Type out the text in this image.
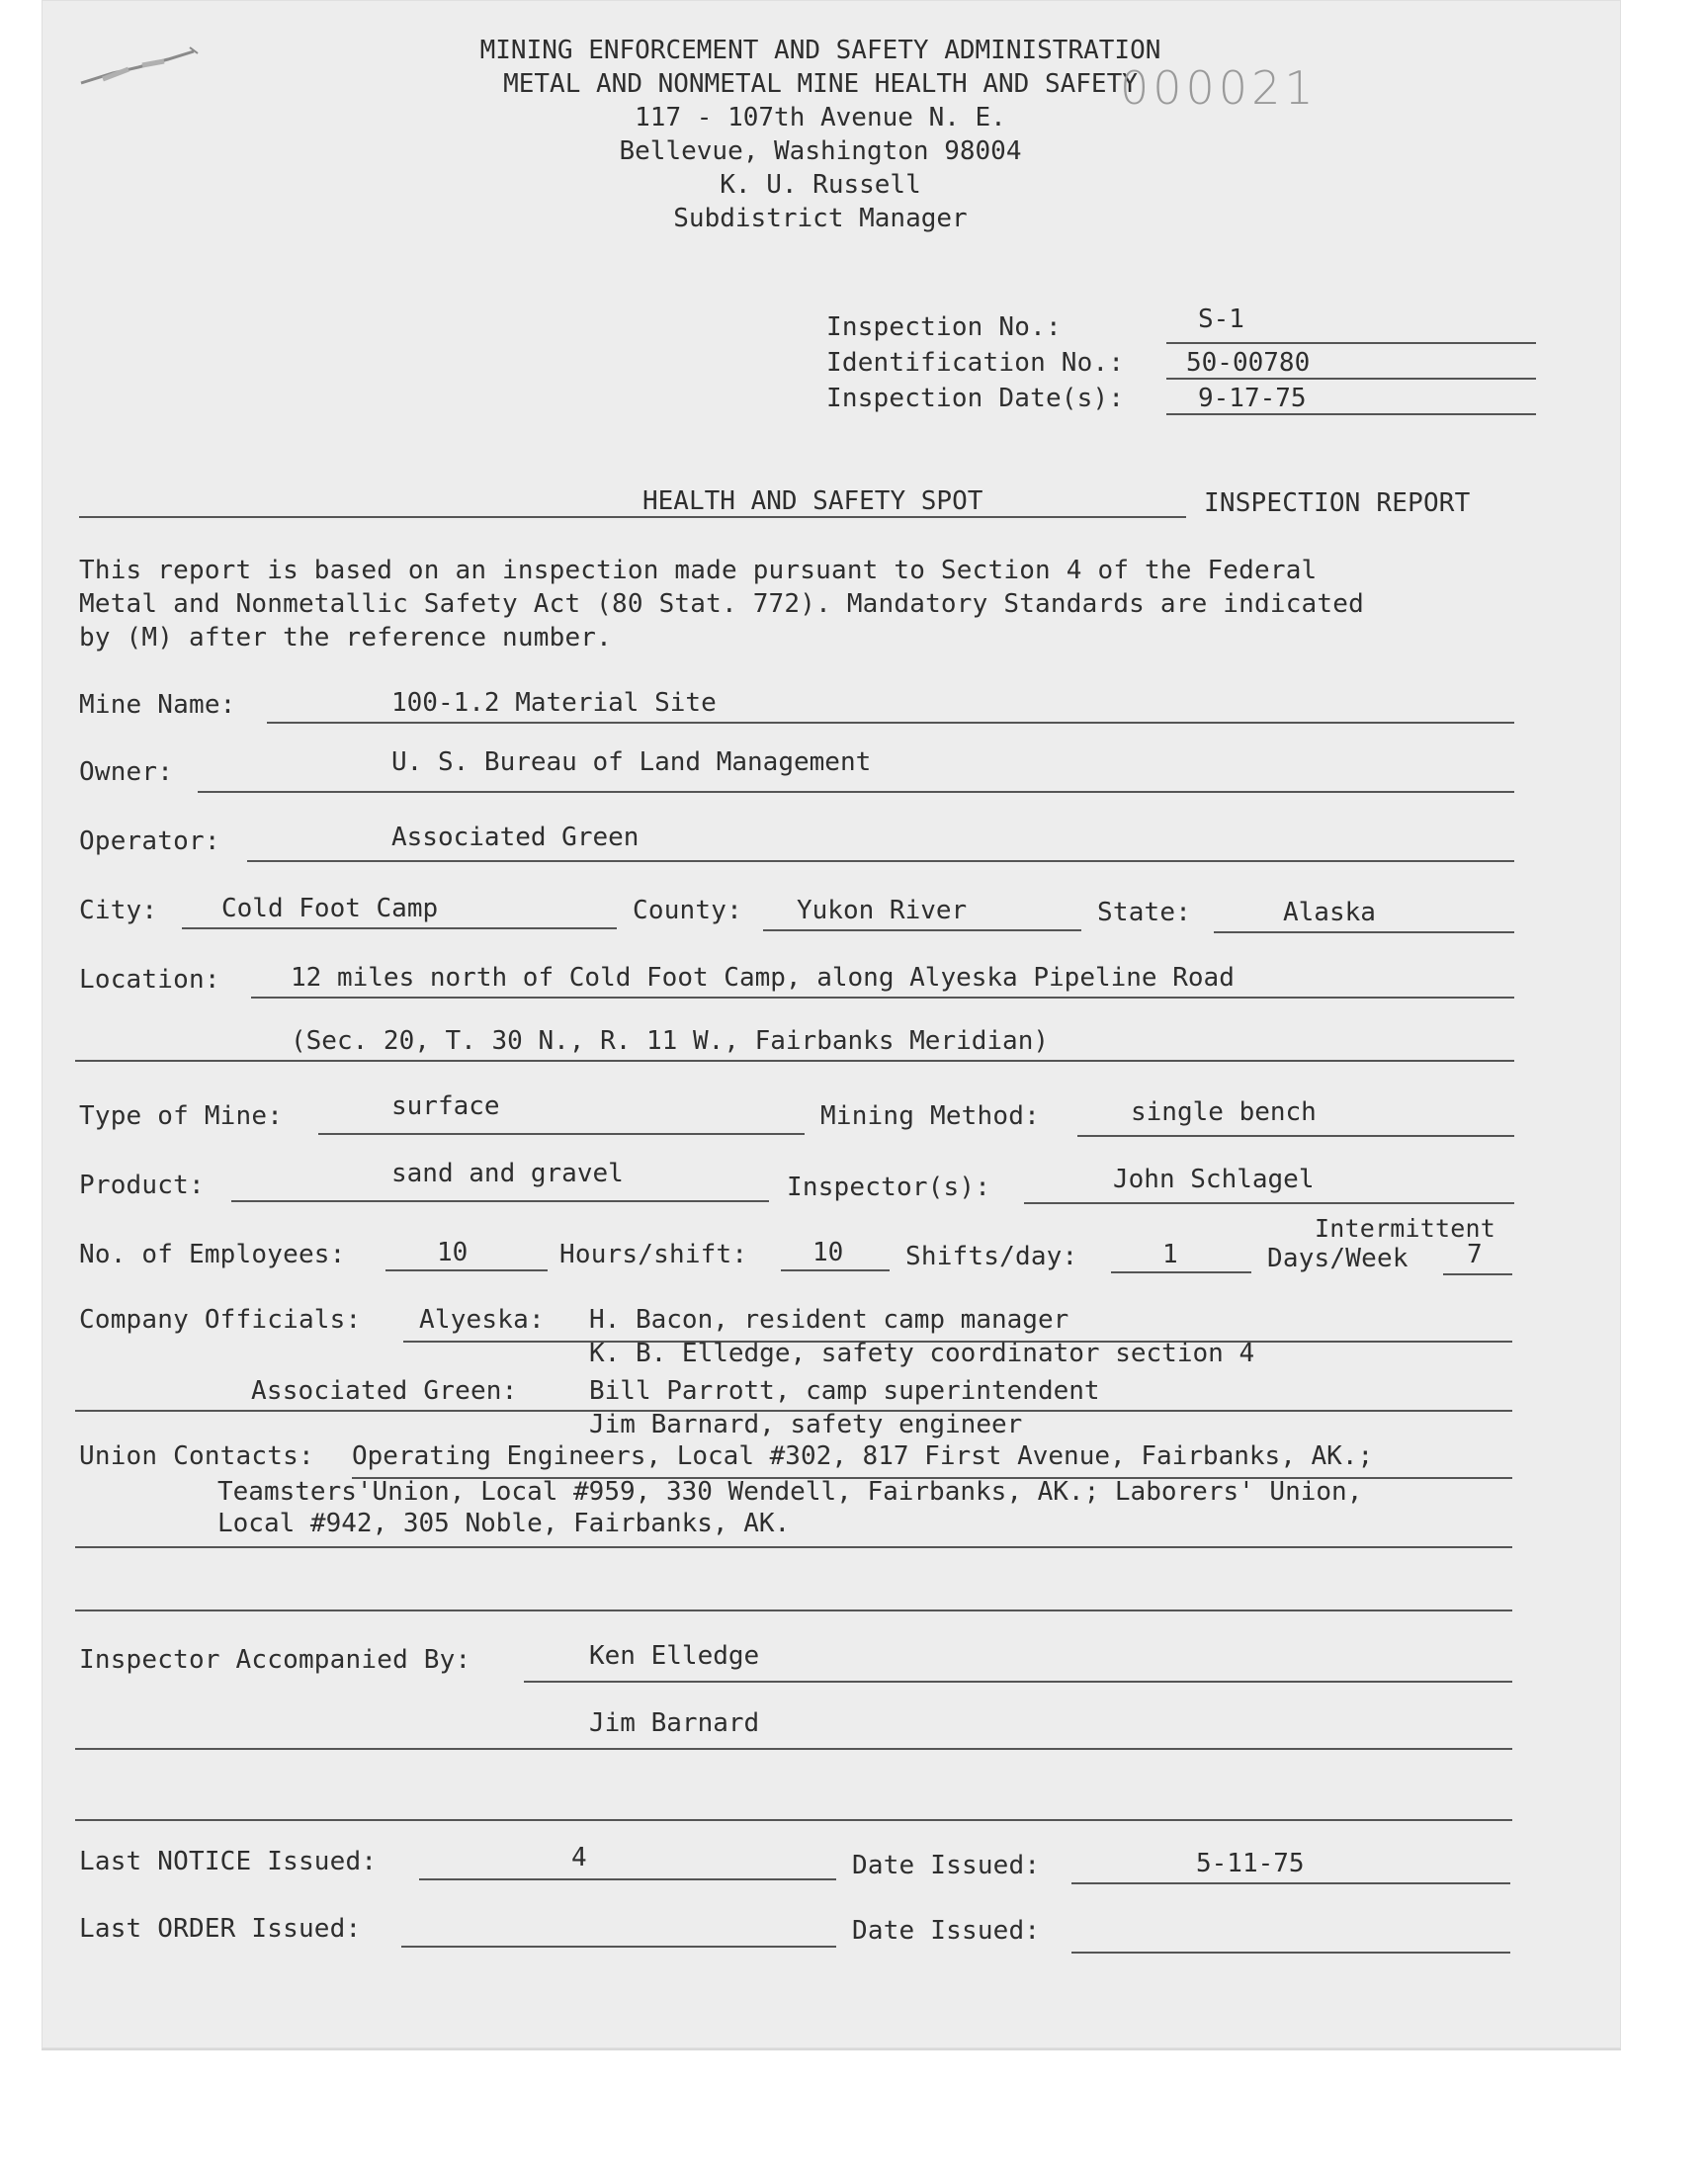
MINING ENFORCEMENT AND SAFETY ADMINISTRATION
METAL AND NONMETAL MINE HEALTH AND SAFETY
117 - 107th Avenue N. E.
Bellevue, Washington 98004
K. U. Russell
Subdistrict Manager
000021
Inspection No.:	S-1
Identification No.: 50-00780
Inspection Date(s):	9-17-75
HEALTH AND SAFETY SPOT	INSPECTION REPORT
This report is based on an inspection made pursuant to Section 4 of the Federal
Metal and Nonmetallic Safety Act (80 Stat. 772). Mandatory Standards are indicated
by (M) after the reference number.
Mine Name:	100-1.2 Material Site
Owner:	U. S. Bureau of Land Management
Operator:	Associated Green
City: Cold Foot Camp	County: Yukon River	State:	Alaska
Location:	12 miles north of Cold Foot Camp, along Alyeska Pipeline Road
(Sec. 20, T. 30 N., R. 11 W., Fairbanks Meridian)
Type of Mine:	surface	Mining Method:	single bench
Product:	sand and gravel	Inspector(s):	John Schlagel
No. of Employees:	10	Hours/shift:	10 Shifts/day:	1
Intermittent
Days/Week 7
Company Officials: Alyeska: H. Bacon, resident camp manager
K. B. Elledge, safety coordinator section 4
Associated Green:	Bill Parrott, camp superintendent
Jim Barnard, safety engineer
Union Contacts: Operating Engineers, Local #302, 817 First Avenue, Fairbanks, AK.;
Teamsters'Union, Local #959, 330 Wendell, Fairbanks, AK.; Laborers' Union,
Local #942, 305 Noble, Fairbanks, AK.
Inspector Accompanied By:	Ken Elledge
Jim Barnard
Last NOTICE Issued:	4	Date Issued:	5-11-75
Last ORDER Issued:	Date Issued:
